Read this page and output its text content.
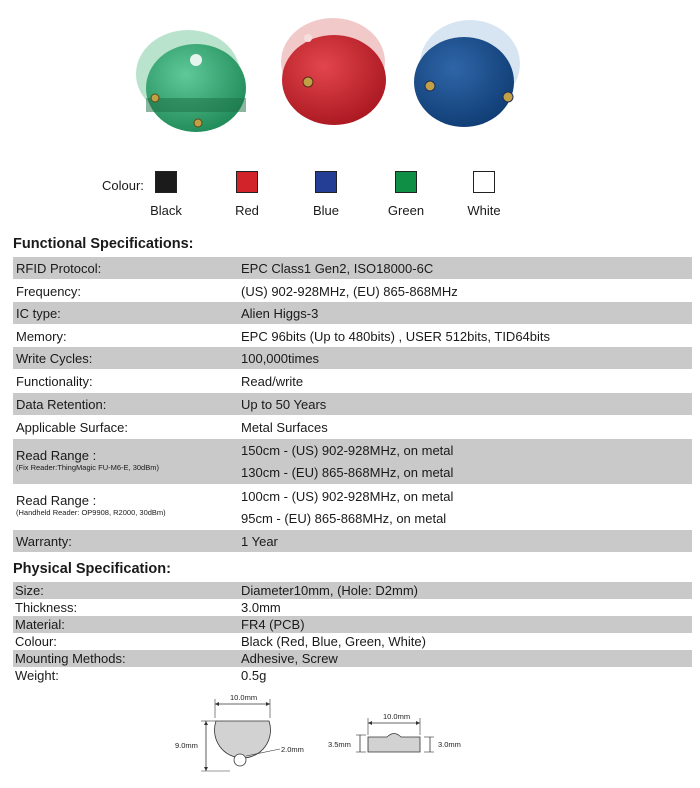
Colour:
Black	Red	Blue	Green	White
Functional Specifications:
RFID Protocol:	EPC Class1 Gen2, ISO18000-6C
Frequency:	(US) 902-928MHz, (EU) 865-868MHz
IC type:	Alien Higgs-3
Memory:	EPC 96bits (Up to 480bits) , USER 512bits, TID64bits
Write Cycles:	100,000times
Functionality:	Read/write
Data Retention:	Up to 50 Years
Applicable Surface:	Metal Surfaces
Read Range :
(Fix Reader:ThingMagic FU-M6-E, 30dBm)
150cm - (US) 902-928MHz, on metal
130cm - (EU) 865-868MHz, on metal
Read Range :
(Handheld Reader: OP9908, R2000, 30dBm)
100cm - (US) 902-928MHz, on metal
95cm - (EU) 865-868MHz, on metal
Warranty:	1 Year
Physical Specification:
Size:	Diameter10mm, (Hole: D2mm)
Thickness:	3.0mm
Material:	FR4 (PCB)
Colour:	Black (Red, Blue, Green, White)
Mounting Methods:	Adhesive, Screw
Weight:	0.5g
10.0mm
9.0mm	2.0mm
10.0mm
3.5mm	3.0mm
